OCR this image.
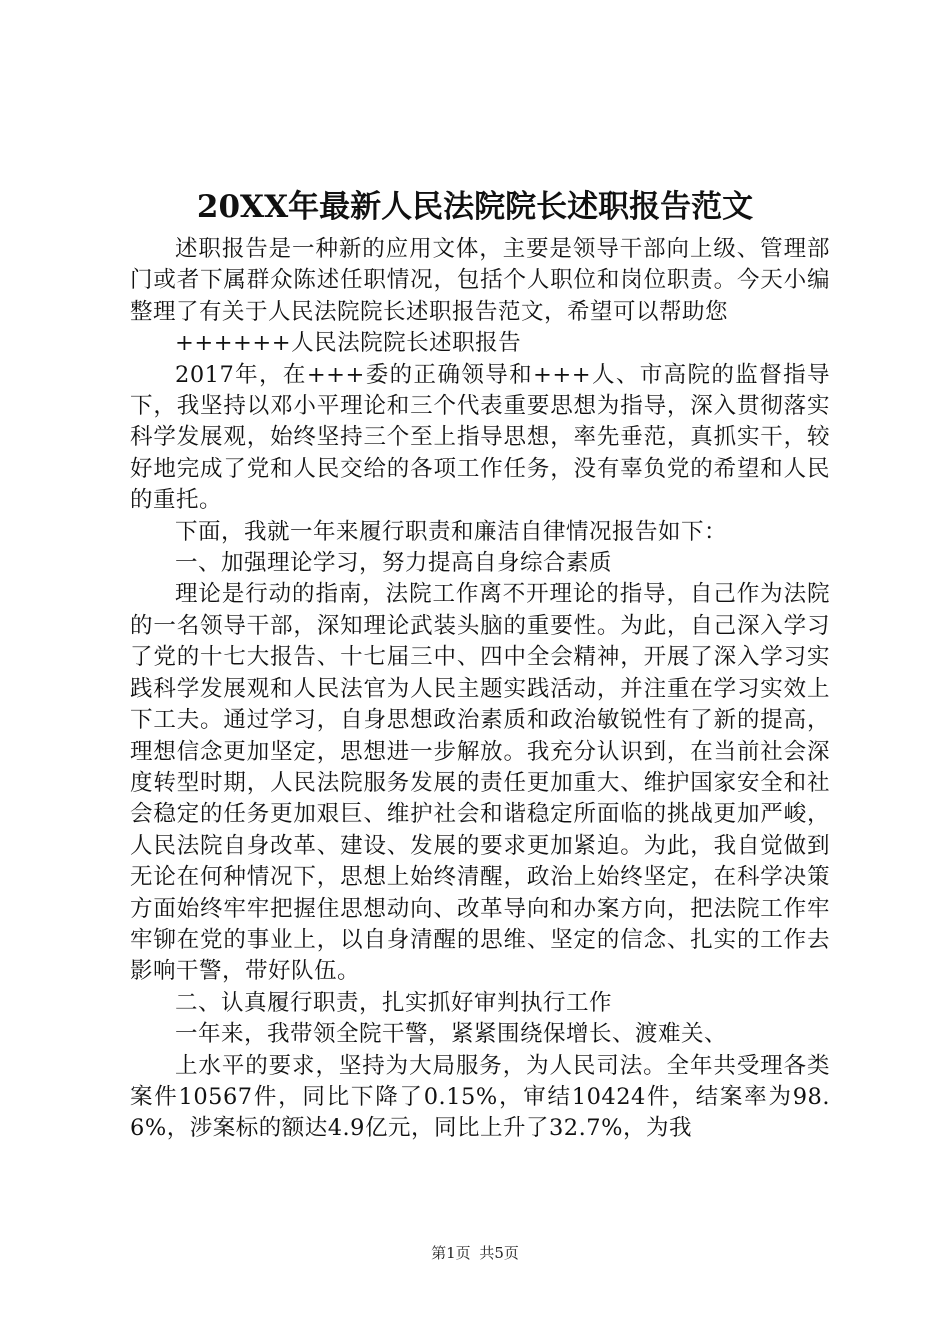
20XX年最新人民法院院长述职报告范文

述职报告是一种新的应用文体，主要是领导干部向上级、管理部门或者下属群众陈述任职情况，包括个人职位和岗位职责。今天小编整理了有关于人民法院院长述职报告范文，希望可以帮助您

++++++人民法院院长述职报告

2017年，在+++委的正确领导和+++人、市高院的监督指导下，我坚持以邓小平理论和三个代表重要思想为指导，深入贯彻落实科学发展观，始终坚持三个至上指导思想，率先垂范，真抓实干，较好地完成了党和人民交给的各项工作任务，没有辜负党的希望和人民的重托。

下面，我就一年来履行职责和廉洁自律情况报告如下：

一、加强理论学习，努力提高自身综合素质

理论是行动的指南，法院工作离不开理论的指导，自己作为法院的一名领导干部，深知理论武装头脑的重要性。为此，自己深入学习了党的十七大报告、十七届三中、四中全会精神，开展了深入学习实践科学发展观和人民法官为人民主题实践活动，并注重在学习实效上下工夫。通过学习，自身思想政治素质和政治敏锐性有了新的提高，理想信念更加坚定，思想进一步解放。我充分认识到，在当前社会深度转型时期，人民法院服务发展的责任更加重大、维护国家安全和社会稳定的任务更加艰巨、维护社会和谐稳定所面临的挑战更加严峻，人民法院自身改革、建设、发展的要求更加紧迫。为此，我自觉做到无论在何种情况下，思想上始终清醒，政治上始终坚定，在科学决策方面始终牢牢把握住思想动向、改革导向和办案方向，把法院工作牢牢铆在党的事业上，以自身清醒的思维、坚定的信念、扎实的工作去影响干警，带好队伍。

二、认真履行职责，扎实抓好审判执行工作

一年来，我带领全院干警，紧紧围绕保增长、渡难关、

上水平的要求，坚持为大局服务，为人民司法。全年共受理各类案件10567件，同比下降了0.15%，审结10424件，结案率为98.6%，涉案标的额达4.9亿元，同比上升了32.7%，为我

第1页 共5页
